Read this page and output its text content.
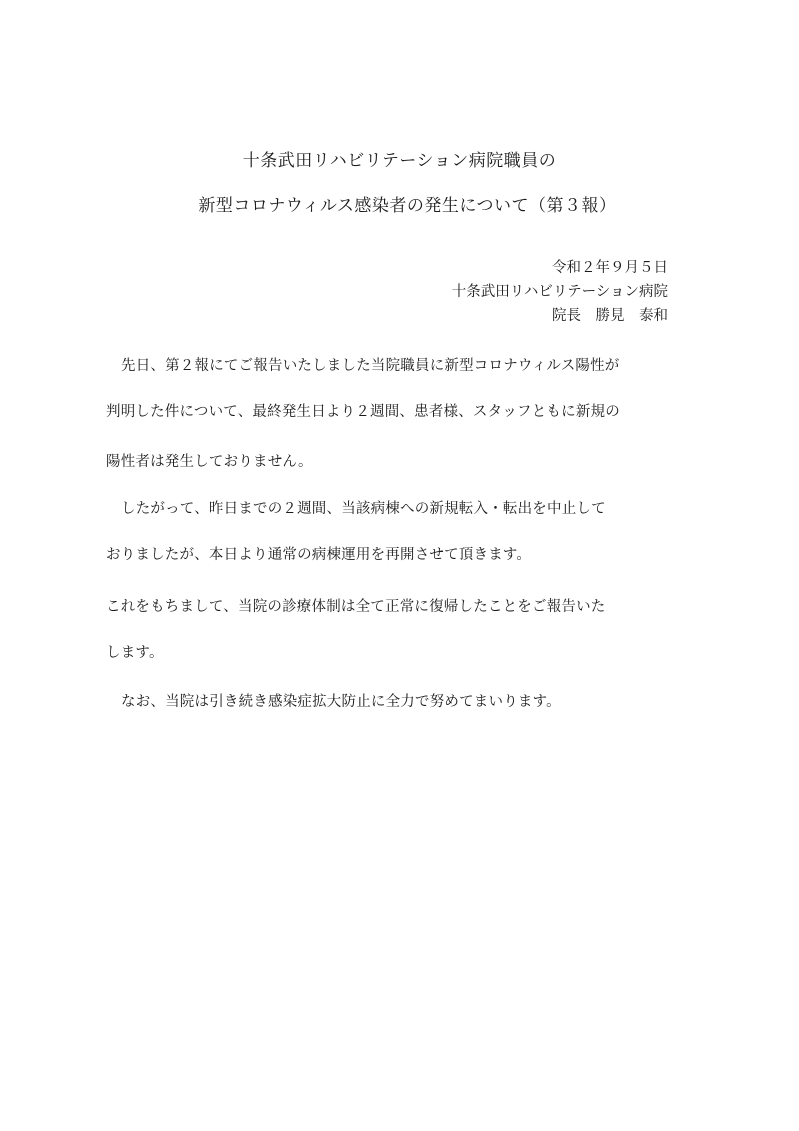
十条武田リハビリテーション病院職員の
新型コロナウィルス感染者の発生について（第３報）
令和２年９月５日
十条武田リハビリテーション病院
院長　勝見　泰和
先日、第２報にてご報告いたしました当院職員に新型コロナウィルス陽性が
判明した件について、最終発生日より２週間、患者様、スタッフともに新規の
陽性者は発生しておりません。
したがって、昨日までの２週間、当該病棟への新規転入・転出を中止して
おりましたが、本日より通常の病棟運用を再開させて頂きます。
これをもちまして、当院の診療体制は全て正常に復帰したことをご報告いた
します。
なお、当院は引き続き感染症拡大防止に全力で努めてまいります。
